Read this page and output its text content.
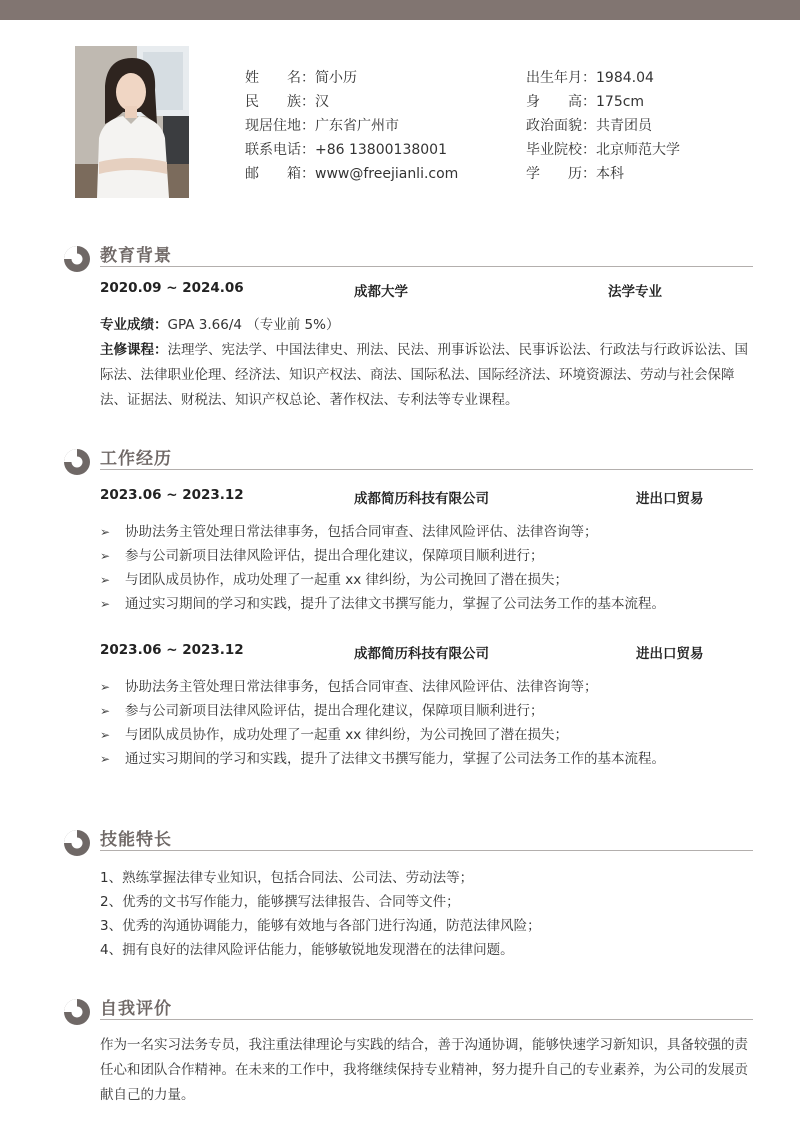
姓　　名： 简小历
民　　族： 汉
现居住地： 广东省广州市
联系电话： +86 13800138001
邮　　箱： www@freejianli.com
出生年月： 1984.04
身　　高： 175cm
政治面貌： 共青团员
毕业院校： 北京师范大学
学　　历： 本科
教育背景
2020.09 ~ 2024.06	成都大学	法学专业
专业成绩：GPA 3.66/4 （专业前 5%）
主修课程：法理学、宪法学、中国法律史、刑法、民法、刑事诉讼法、民事诉讼法、行政法与行政诉讼法、国际法、法律职业伦理、经济法、知识产权法、商法、国际私法、国际经济法、环境资源法、劳动与社会保障法、证据法、财税法、知识产权总论、著作权法、专利法等专业课程。
工作经历
2023.06 ~ 2023.12	成都简历科技有限公司	进出口贸易
➢ 协助法务主管处理日常法律事务，包括合同审查、法律风险评估、法律咨询等；
➢ 参与公司新项目法律风险评估，提出合理化建议，保障项目顺利进行；
➢ 与团队成员协作，成功处理了一起重 xx 律纠纷，为公司挽回了潜在损失；
➢ 通过实习期间的学习和实践，提升了法律文书撰写能力，掌握了公司法务工作的基本流程。
2023.06 ~ 2023.12	成都简历科技有限公司	进出口贸易
➢ 协助法务主管处理日常法律事务，包括合同审查、法律风险评估、法律咨询等；
➢ 参与公司新项目法律风险评估，提出合理化建议，保障项目顺利进行；
➢ 与团队成员协作，成功处理了一起重 xx 律纠纷，为公司挽回了潜在损失；
➢ 通过实习期间的学习和实践，提升了法律文书撰写能力，掌握了公司法务工作的基本流程。
技能特长
1、熟练掌握法律专业知识，包括合同法、公司法、劳动法等；
2、优秀的文书写作能力，能够撰写法律报告、合同等文件；
3、优秀的沟通协调能力，能够有效地与各部门进行沟通，防范法律风险；
4、拥有良好的法律风险评估能力，能够敏锐地发现潜在的法律问题。
自我评价
作为一名实习法务专员，我注重法律理论与实践的结合，善于沟通协调，能够快速学习新知识，具备较强的责任心和团队合作精神。在未来的工作中，我将继续保持专业精神，努力提升自己的专业素养，为公司的发展贡献自己的力量。
